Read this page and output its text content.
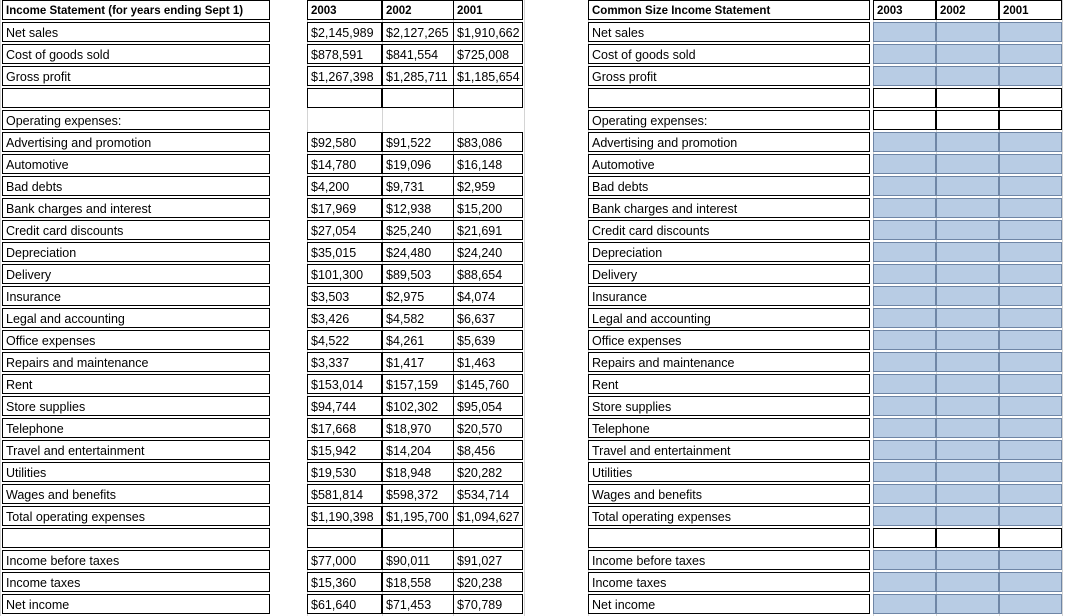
Income Statement (for years ending Sept 1)	2003	2002	2001	Common Size Income Statement	2003	2002	2001
Net sales	$2,145,989 $2,127,265 $1,910,662	Net sales
Cost of goods sold	$878,591	$841,554	$725,008	Cost of goods sold
Gross profit	$1,267,398 $1,285,711 $1,185,654	Gross profit
Operating expenses:	Operating expenses:
Advertising and promotion	$92,580	$91,522	$83,086	Advertising and promotion
Automotive	$14,780	$19,096	$16,148	Automotive
Bad debts	$4,200	$9,731	$2,959	Bad debts
Bank charges and interest	$17,969	$12,938	$15,200	Bank charges and interest
Credit card discounts	$27,054	$25,240	$21,691	Credit card discounts
Depreciation	$35,015	$24,480	$24,240	Depreciation
Delivery	$101,300	$89,503	$88,654	Delivery
Insurance	$3,503	$2,975	$4,074	Insurance
Legal and accounting	$3,426	$4,582	$6,637	Legal and accounting
Office expenses	$4,522	$4,261	$5,639	Office expenses
Repairs and maintenance	$3,337	$1,417	$1,463	Repairs and maintenance
Rent	$153,014	$157,159	$145,760	Rent
Store supplies	$94,744	$102,302	$95,054	Store supplies
Telephone	$17,668	$18,970	$20,570	Telephone
Travel and entertainment	$15,942	$14,204	$8,456	Travel and entertainment
Utilities	$19,530	$18,948	$20,282	Utilities
Wages and benefits	$581,814	$598,372	$534,714	Wages and benefits
Total operating expenses	$1,190,398 $1,195,700 $1,094,627	Total operating expenses
Income before taxes	$77,000	$90,011	$91,027	Income before taxes
Income taxes	$15,360	$18,558	$20,238	Income taxes
Net income	$61,640	$71,453	$70,789	Net income
